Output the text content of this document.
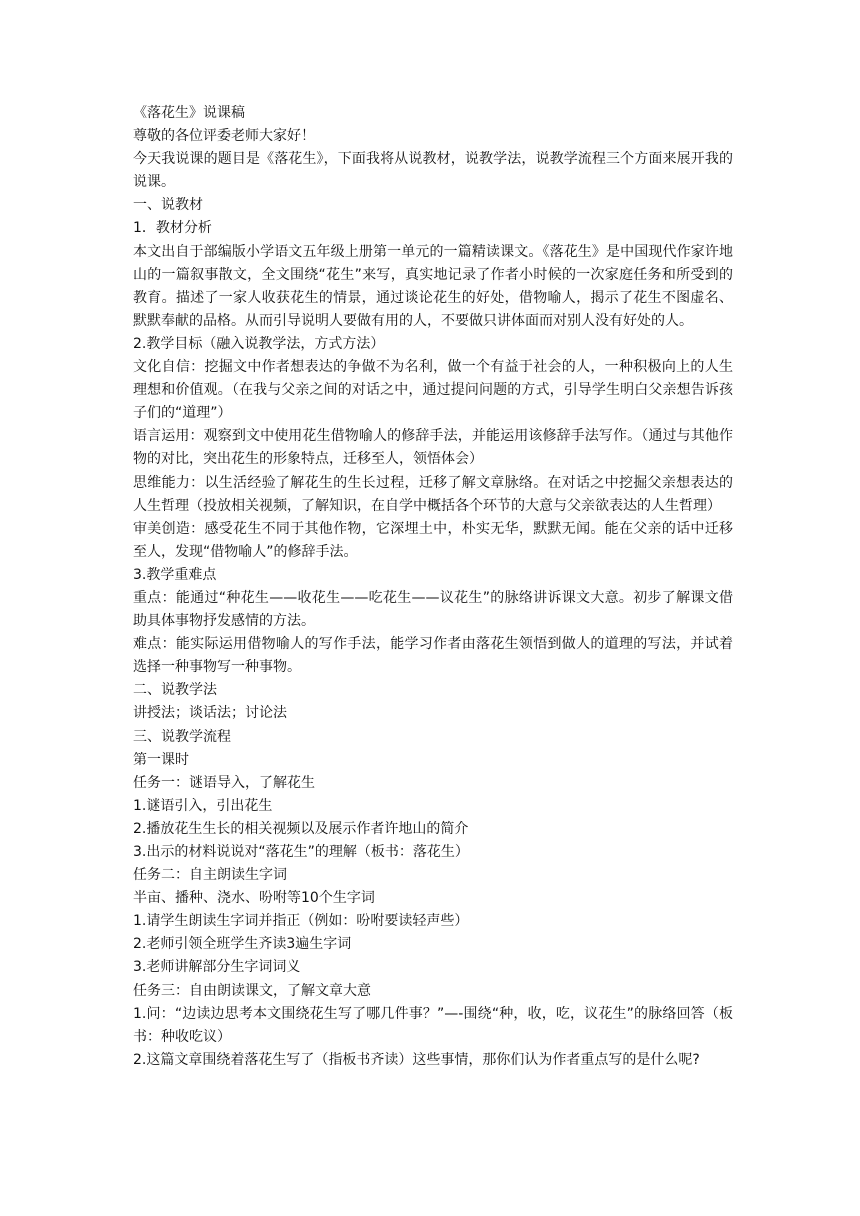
《落花生》说课稿

尊敬的各位评委老师大家好！

今天我说课的题目是《落花生》，下面我将从说教材，说教学法，说教学流程三个方面来展开我的说课。

一、说教材

1．教材分析

本文出自于部编版小学语文五年级上册第一单元的一篇精读课文。《落花生》是中国现代作家许地山的一篇叙事散文，全文围绕“花生”来写，真实地记录了作者小时候的一次家庭任务和所受到的教育。描述了一家人收获花生的情景，通过谈论花生的好处，借物喻人，揭示了花生不图虚名、默默奉献的品格。从而引导说明人要做有用的人，不要做只讲体面而对别人没有好处的人。

2.教学目标（融入说教学法，方式方法）

文化自信：挖掘文中作者想表达的争做不为名利，做一个有益于社会的人，一种积极向上的人生理想和价值观。（在我与父亲之间的对话之中，通过提问问题的方式，引导学生明白父亲想告诉孩子们的“道理”）

语言运用：观察到文中使用花生借物喻人的修辞手法，并能运用该修辞手法写作。（通过与其他作物的对比，突出花生的形象特点，迁移至人，领悟体会）

思维能力：以生活经验了解花生的生长过程，迁移了解文章脉络。在对话之中挖掘父亲想表达的人生哲理（投放相关视频，了解知识，在自学中概括各个环节的大意与父亲欲表达的人生哲理）

审美创造：感受花生不同于其他作物，它深埋土中，朴实无华，默默无闻。能在父亲的话中迁移至人，发现“借物喻人”的修辞手法。

3.教学重难点

重点：能通过“种花生——收花生——吃花生——议花生”的脉络讲诉课文大意。初步了解课文借助具体事物抒发感情的方法。

难点：能实际运用借物喻人的写作手法，能学习作者由落花生领悟到做人的道理的写法，并试着选择一种事物写一种事物。

二、说教学法

讲授法；谈话法；讨论法

三、说教学流程

第一课时

任务一：谜语导入，了解花生

1.谜语引入，引出花生

2.播放花生生长的相关视频以及展示作者许地山的简介

3.出示的材料说说对“落花生”的理解（板书：落花生）

任务二：自主朗读生字词

半亩、播种、浇水、吩咐等10个生字词

1.请学生朗读生字词并指正（例如：吩咐要读轻声些）

2.老师引领全班学生齐读3遍生字词

3.老师讲解部分生字词词义

任务三：自由朗读课文，了解文章大意

1.问：“边读边思考本文围绕花生写了哪几件事？”—-围绕“种，收，吃，议花生”的脉络回答（板书：种收吃议）

2.这篇文章围绕着落花生写了（指板书齐读）这些事情，那你们认为作者重点写的是什么呢?
